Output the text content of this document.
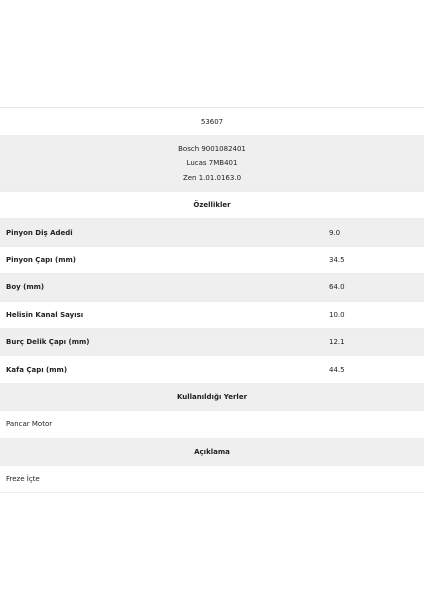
53607
Bosch 9001082401
Lucas 7MB401
Zen 1.01.0163.0
Özellikler
Pinyon Diş Adedi	9.0
Pinyon Çapı (mm)	34.5
Boy (mm)	64.0
Helisin Kanal Sayısı	10.0
Burç Delik Çapı (mm)	12.1
Kafa Çapı (mm)	44.5
Kullanıldığı Yerler
Pancar Motor
Açıklama
Freze İçte
